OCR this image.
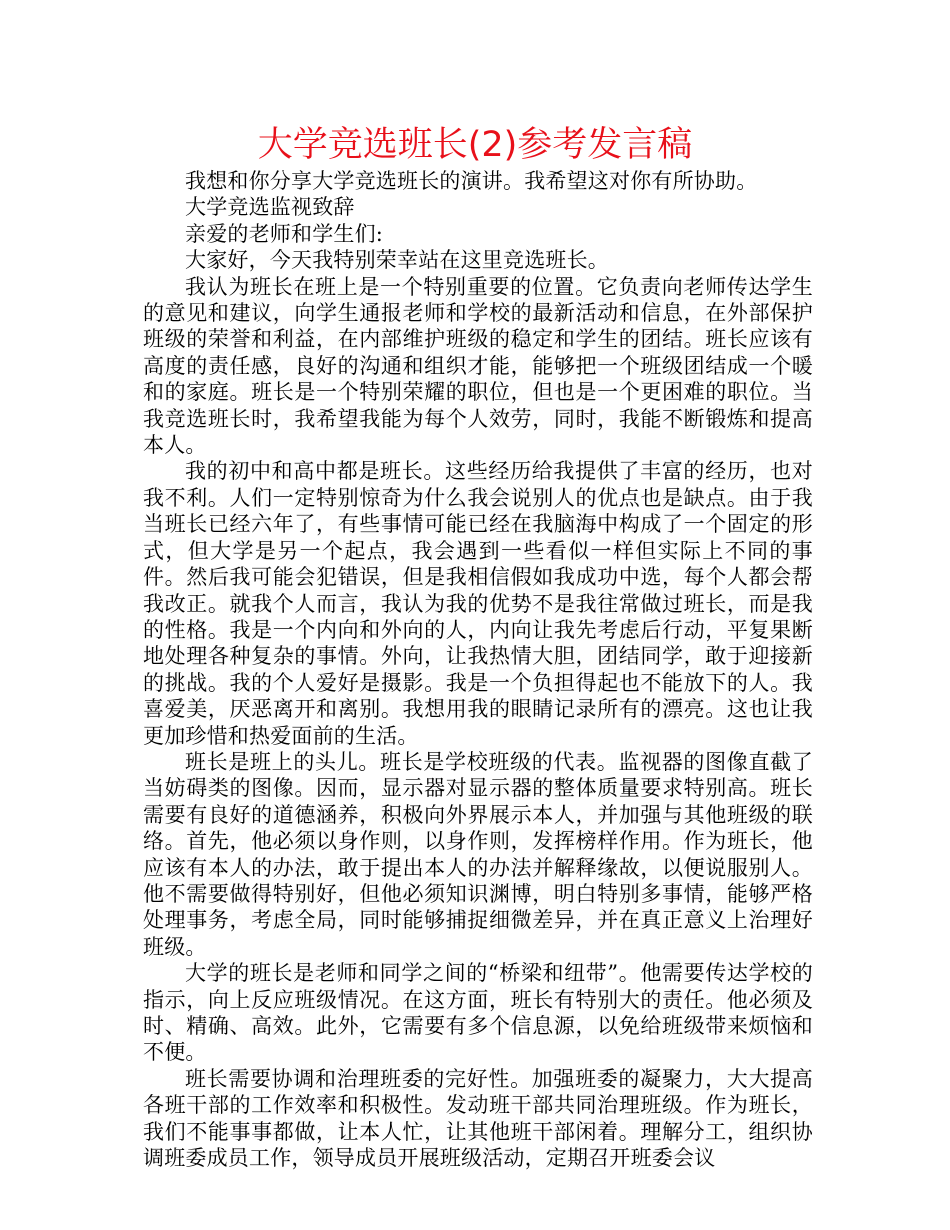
大学竞选班长(2)参考发言稿

我想和你分享大学竞选班长的演讲。我希望这对你有所协助。

大学竞选监视致辞

亲爱的老师和学生们:

大家好，今天我特别荣幸站在这里竞选班长。

我认为班长在班上是一个特别重要的位置。它负责向老师传达学生的意见和建议，向学生通报老师和学校的最新活动和信息，在外部保护班级的荣誉和利益，在内部维护班级的稳定和学生的团结。班长应该有高度的责任感，良好的沟通和组织才能，能够把一个班级团结成一个暖和的家庭。班长是一个特别荣耀的职位，但也是一个更困难的职位。当我竞选班长时，我希望我能为每个人效劳，同时，我能不断锻炼和提高本人。

我的初中和高中都是班长。这些经历给我提供了丰富的经历，也对我不利。人们一定特别惊奇为什么我会说别人的优点也是缺点。由于我当班长已经六年了，有些事情可能已经在我脑海中构成了一个固定的形式，但大学是另一个起点，我会遇到一些看似一样但实际上不同的事件。然后我可能会犯错误，但是我相信假如我成功中选，每个人都会帮我改正。就我个人而言，我认为我的优势不是我往常做过班长，而是我的性格。我是一个内向和外向的人，内向让我先考虑后行动，平复果断地处理各种复杂的事情。外向，让我热情大胆，团结同学，敢于迎接新的挑战。我的个人爱好是摄影。我是一个负担得起也不能放下的人。我喜爱美，厌恶离开和离别。我想用我的眼睛记录所有的漂亮。这也让我更加珍惜和热爱面前的生活。

班长是班上的头儿。班长是学校班级的代表。监视器的图像直截了当妨碍类的图像。因而，显示器对显示器的整体质量要求特别高。班长需要有良好的道德涵养，积极向外界展示本人，并加强与其他班级的联络。首先，他必须以身作则，以身作则，发挥榜样作用。作为班长，他应该有本人的办法，敢于提出本人的办法并解释缘故，以便说服别人。他不需要做得特别好，但他必须知识渊博，明白特别多事情，能够严格处理事务，考虑全局，同时能够捕捉细微差异，并在真正意义上治理好班级。

大学的班长是老师和同学之间的“桥梁和纽带”。他需要传达学校的指示，向上反应班级情况。在这方面，班长有特别大的责任。他必须及时、精确、高效。此外，它需要有多个信息源，以免给班级带来烦恼和不便。

班长需要协调和治理班委的完好性。加强班委的凝聚力，大大提高各班干部的工作效率和积极性。发动班干部共同治理班级。作为班长，我们不能事事都做，让本人忙，让其他班干部闲着。理解分工，组织协调班委成员工作，领导成员开展班级活动，定期召开班委会议
